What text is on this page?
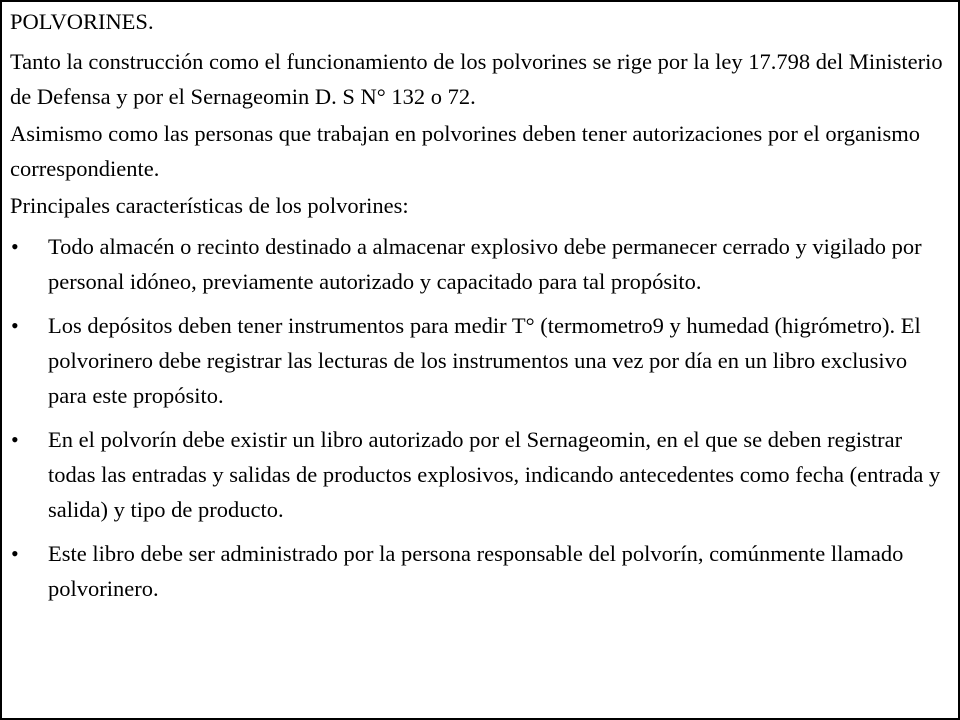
POLVORINES.

Tanto la construcción como el funcionamiento de los polvorines se rige por la ley 17.798 del Ministerio de Defensa y por el Sernageomin D. S N° 132 o 72.

Asimismo como las personas que trabajan en polvorines deben tener autorizaciones por el organismo correspondiente.

Principales características de los polvorines:

• Todo almacén o recinto destinado a almacenar explosivo debe permanecer cerrado y vigilado por personal idóneo, previamente autorizado y capacitado para tal propósito.
• Los depósitos deben tener instrumentos para medir T° (termometro9 y humedad (higrómetro). El polvorinero debe registrar las lecturas de los instrumentos una vez por día en un libro exclusivo para este propósito.
• En el polvorín debe existir un libro autorizado por el Sernageomin, en el que se deben registrar todas las entradas y salidas de productos explosivos, indicando antecedentes como fecha (entrada y salida) y tipo de producto.
• Este libro debe ser administrado por la persona responsable del polvorín, comúnmente llamado polvorinero.
